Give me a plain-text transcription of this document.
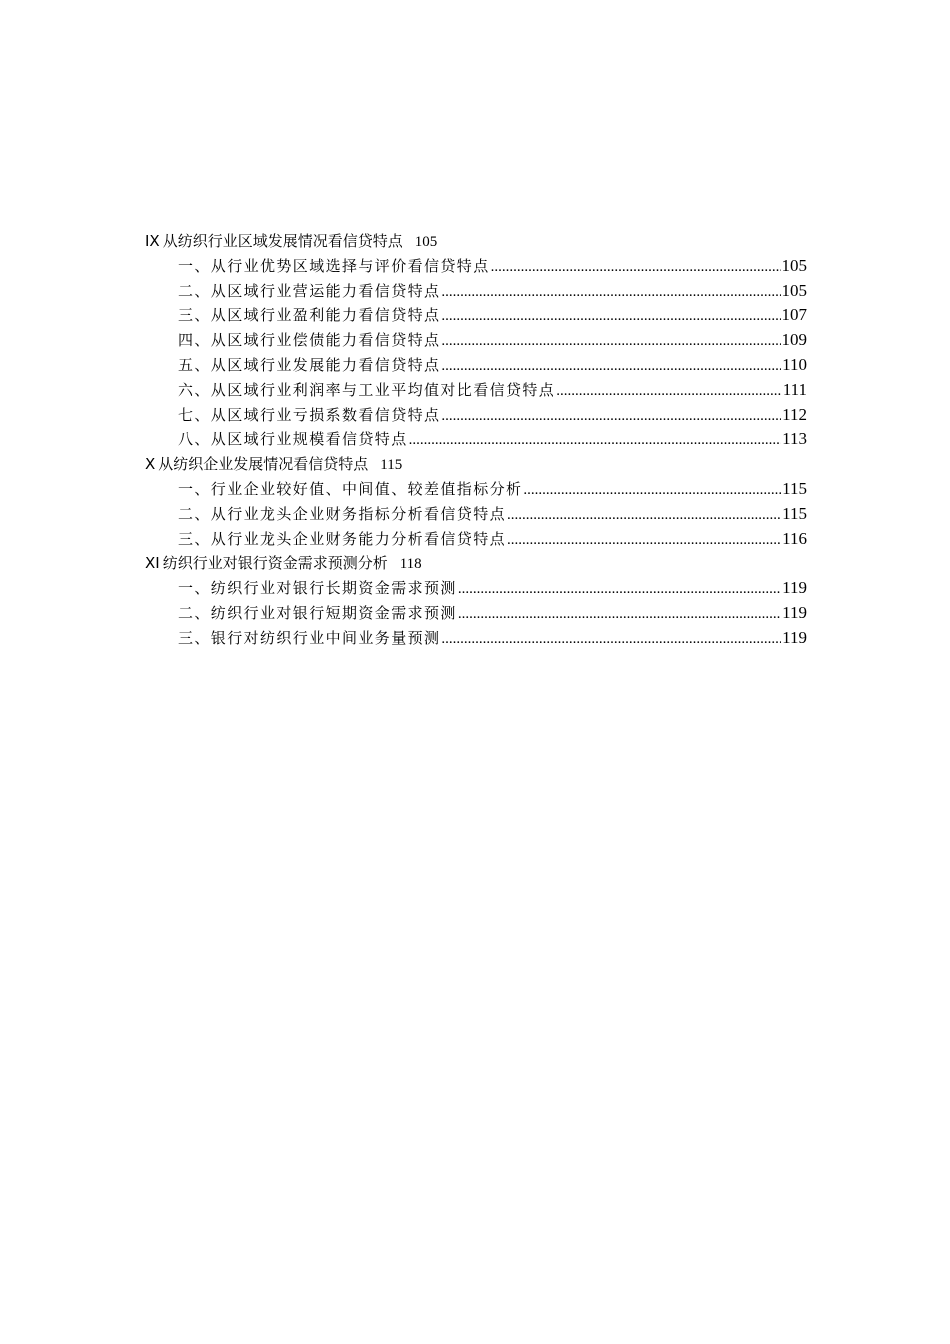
IX 从纺织行业区域发展情况看信贷特点 105
一、从行业优势区域选择与评价看信贷特点 .....	105
二、从区域行业营运能力看信贷特点 .....	105
三、从区域行业盈利能力看信贷特点 .....	107
四、从区域行业偿债能力看信贷特点 .....	109
五、从区域行业发展能力看信贷特点 .....	110
六、从区域行业利润率与工业平均值对比看信贷特点 .....	111
七、从区域行业亏损系数看信贷特点 .....	112
八、从区域行业规模看信贷特点 .....	113
X 从纺织企业发展情况看信贷特点 115
一、行业企业较好值、中间值、较差值指标分析 .....	115
二、从行业龙头企业财务指标分析看信贷特点 .....	115
三、从行业龙头企业财务能力分析看信贷特点 .....	116
XI 纺织行业对银行资金需求预测分析 118
一、纺织行业对银行长期资金需求预测 .....	119
二、纺织行业对银行短期资金需求预测 .....	119
三、银行对纺织行业中间业务量预测 .....	119
